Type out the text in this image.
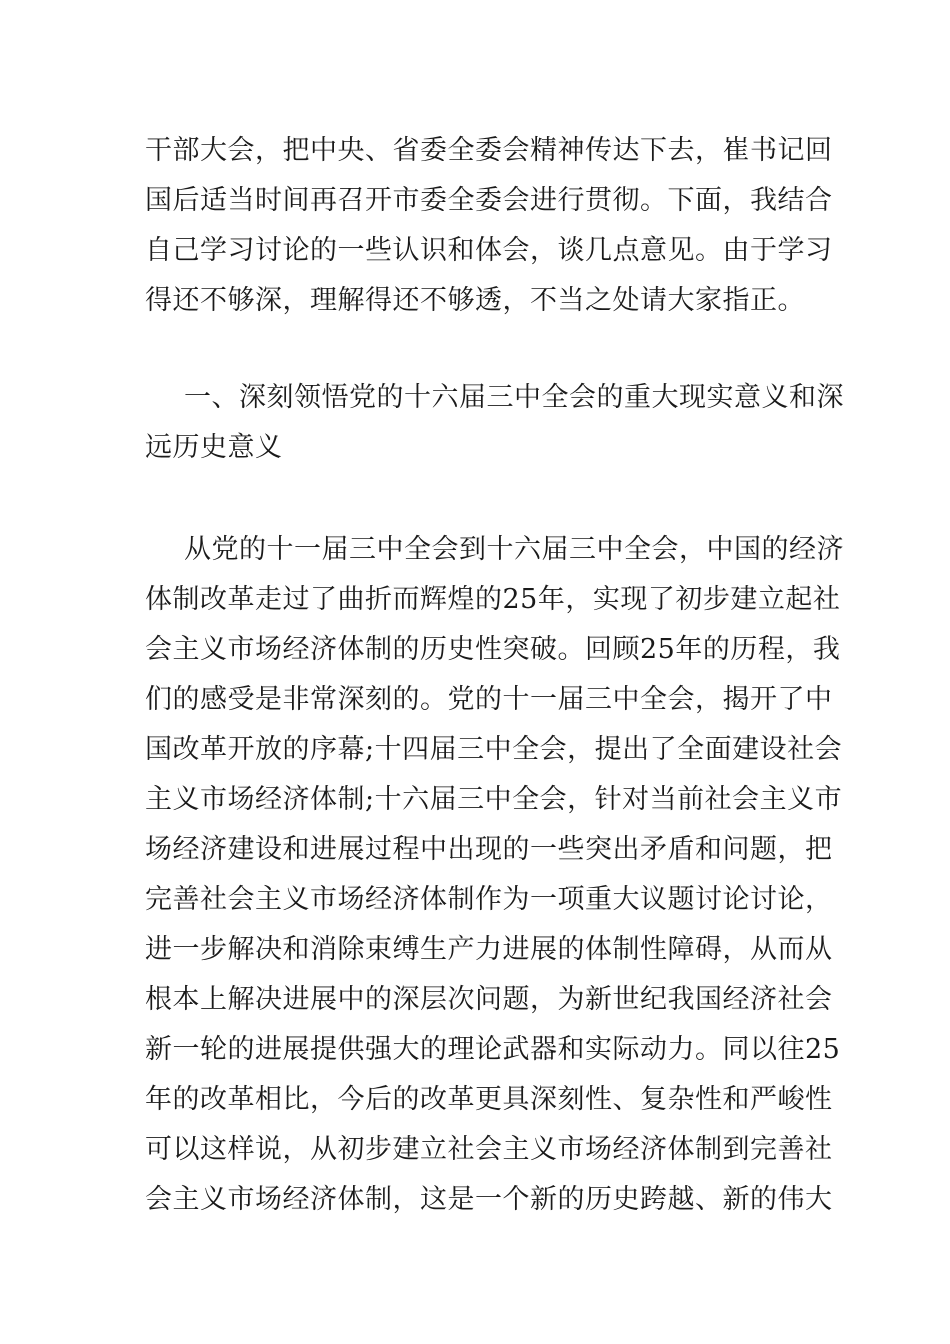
干部大会，把中央、省委全委会精神传达下去，崔书记回
国后适当时间再召开市委全委会进行贯彻。下面，我结合
自己学习讨论的一些认识和体会，谈几点意见。由于学习
得还不够深，理解得还不够透，不当之处请大家指正。
一、深刻领悟党的十六届三中全会的重大现实意义和深
远历史意义
从党的十一届三中全会到十六届三中全会，中国的经济
体制改革走过了曲折而辉煌的25年，实现了初步建立起社
会主义市场经济体制的历史性突破。回顾25年的历程，我
们的感受是非常深刻的。党的十一届三中全会，揭开了中
国改革开放的序幕;十四届三中全会，提出了全面建设社会
主义市场经济体制;十六届三中全会，针对当前社会主义市
场经济建设和进展过程中出现的一些突出矛盾和问题，把
完善社会主义市场经济体制作为一项重大议题讨论讨论，
进一步解决和消除束缚生产力进展的体制性障碍，从而从
根本上解决进展中的深层次问题，为新世纪我国经济社会
新一轮的进展提供强大的理论武器和实际动力。同以往25
年的改革相比，今后的改革更具深刻性、复杂性和严峻性
可以这样说，从初步建立社会主义市场经济体制到完善社
会主义市场经济体制，这是一个新的历史跨越、新的伟大
